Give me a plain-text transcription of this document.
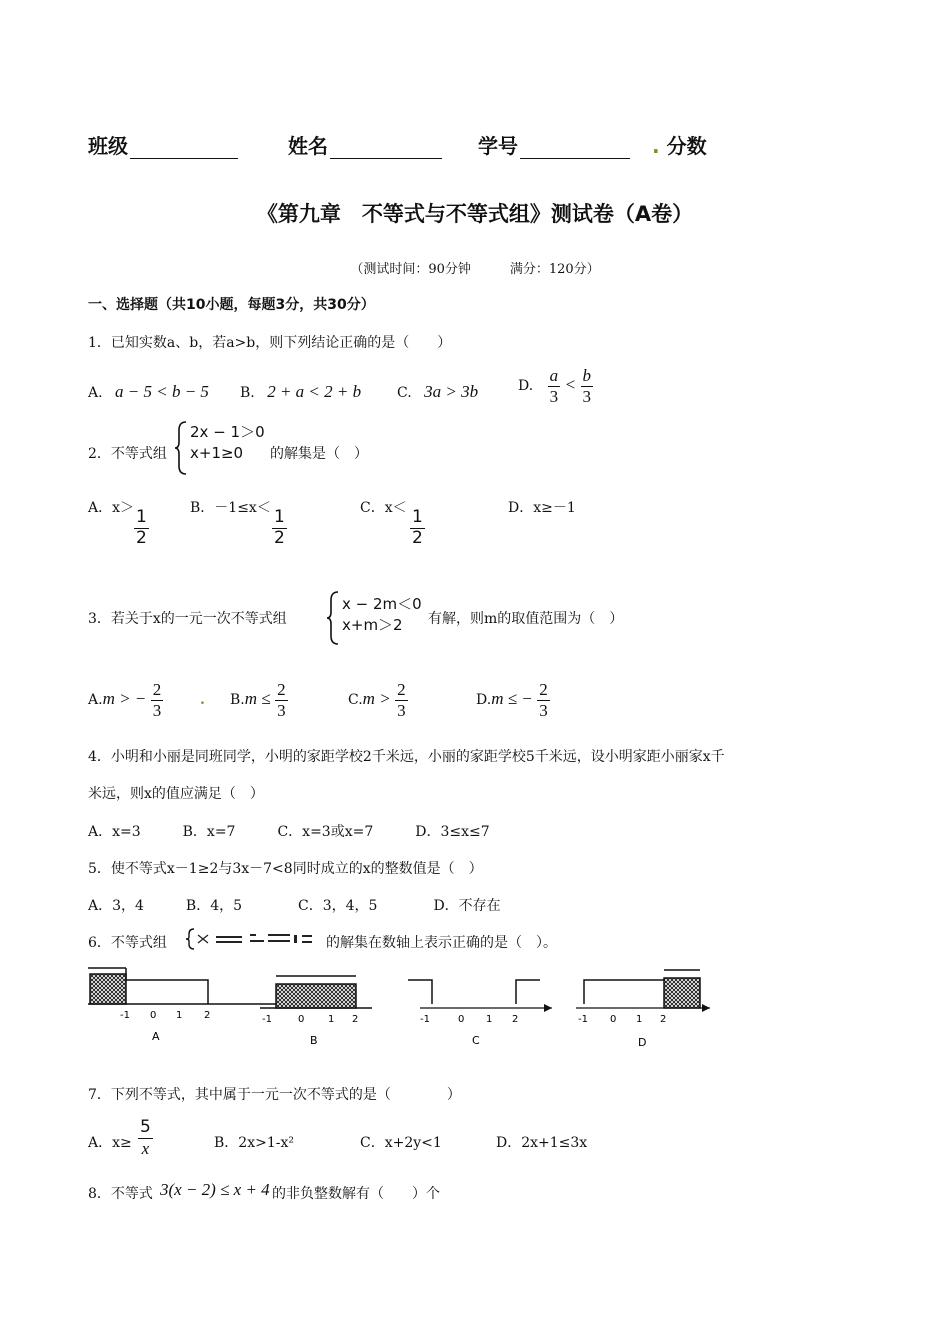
班级	姓名	学号	. 分数
《第九章　不等式与不等式组》测试卷（A卷）
（测试时间：90分钟　　　满分：120分）
一、选择题（共10小题，每题3分，共30分）
1．已知实数a、b，若a>b，则下列结论正确的是（　　）
A. a − 5 < b − 5 B. 2 + a < 2 + b	C. 3a > 3b	D. $\frac{a}{3} < \frac{b}{3}$
2．不等式组
2x − 1＞0
x+1≥0	的解集是（　）
A．$x> \frac{1}{2}$	B．$-1\le x< \frac{1}{2}$	C．$x< \frac{1}{2}$	D．x≥－1
3．若关于x的一元一次不等式组
x − 2m＜0
x+m＞2	有解，则m的取值范围为（　）
A.m > − $\frac{2}{3}$	. $B.m \le \frac{2}{3}$	$C.m > \frac{2}{3}$	D.m ≤ − $\frac{2}{3}$
4．小明和小丽是同班同学，小明的家距学校2千米远，小丽的家距学校5千米远，设小明家距小丽家x千
米远，则x的值应满足（　）
A．x=3　　　B．x=7　　　C．x=3或x=7　　　D．3≤x≤7
5．使不等式x－1≥2与3x－7<8同时成立的x的整数值是（　）
A．3，4　　　B．4，5　　　　C．3，4，5　　　　D．不存在
6．不等式组	的解集在数轴上表示正确的是（　）。
-1 0 1 2
A
-1	0 1 2
B
-1	0 1 2
C
-1 0 1 2
D
7．下列不等式，其中属于一元一次不等式的是（　　　　）
A．$x\ge \frac{5}{x}$	B．2x>1-x²	C．x+2y<1	D．2x+1≤3x
8．不等式 3(x − 2) ≤ x + 4 的非负整数解有（　　）个
